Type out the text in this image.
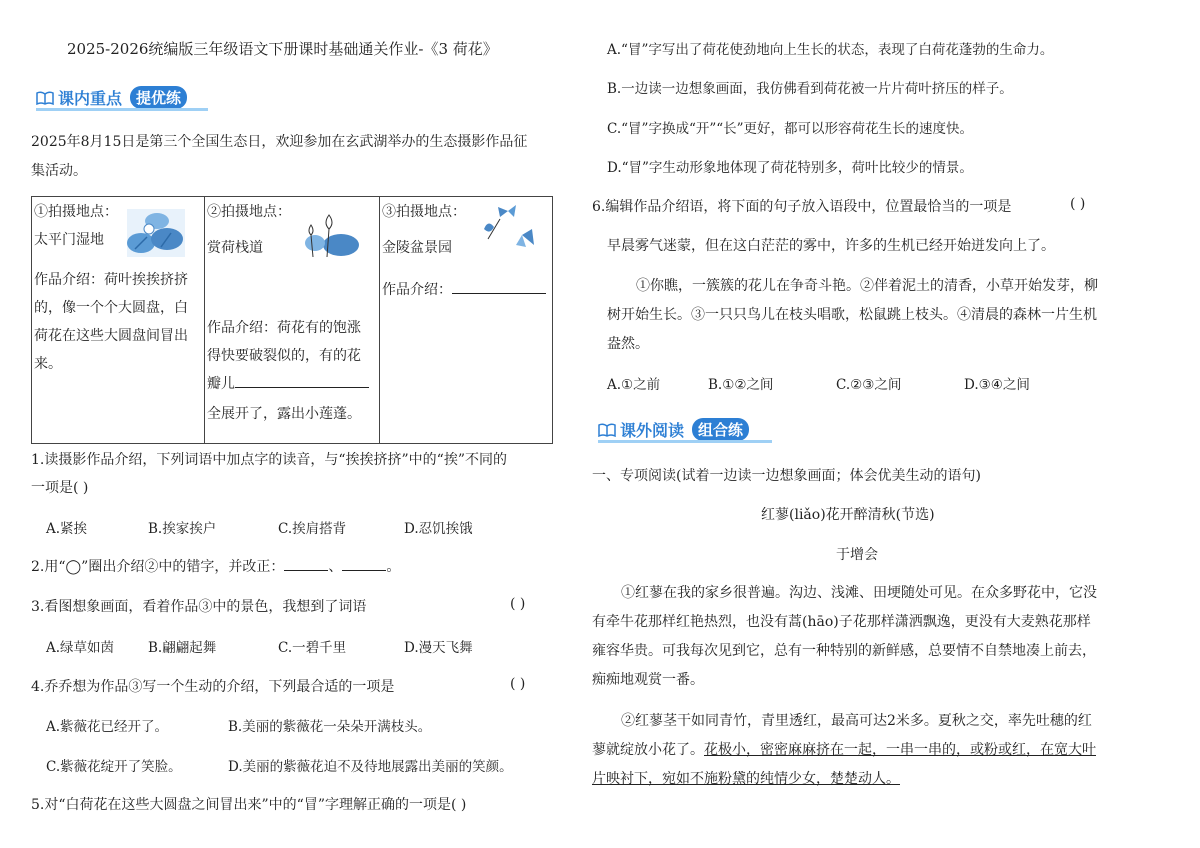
2025-2026统编版三年级语文下册课时基础通关作业-《3 荷花》
课内重点 提优练
2025年8月15日是第三个全国生态日，欢迎参加在玄武湖举办的生态摄影作品征
集活动。
①拍摄地点：
太平门湿地
作品介绍：荷叶挨挨挤挤
的，像一个个大圆盘，白
荷花在这些大圆盘间冒出
来。

②拍摄地点：
赏荷栈道
作品介绍：荷花有的饱涨
得快要破裂似的，有的花
瓣儿
全展开了，露出小莲蓬。

③拍摄地点：
金陵盆景园
作品介绍：
1.读摄影作品介绍，下列词语中加点字的读音，与“挨挨挤挤”中的“挨”不同的
一项是( )
A.紧挨	B.挨家挨户	C.挨肩搭背	D.忍饥挨饿
2.用“◯”圈出介绍②中的错字，并改正：	、	。
3.看图想象画面，看着作品③中的景色，我想到了词语	( )
A.绿草如茵	B.翩翩起舞	C.一碧千里	D.漫天飞舞
4.乔乔想为作品③写一个生动的介绍，下列最合适的一项是	( )
A.紫薇花已经开了。	B.美丽的紫薇花一朵朵开满枝头。
C.紫薇花绽开了笑脸。	D.美丽的紫薇花迫不及待地展露出美丽的笑颜。
5.对“白荷花在这些大圆盘之间冒出来”中的“冒”字理解正确的一项是( )
A.“冒”字写出了荷花使劲地向上生长的状态，表现了白荷花蓬勃的生命力。
B.一边读一边想象画面，我仿佛看到荷花被一片片荷叶挤压的样子。
C.“冒”字换成“开”“长”更好，都可以形容荷花生长的速度快。
D.“冒”字生动形象地体现了荷花特别多，荷叶比较少的情景。
6.编辑作品介绍语，将下面的句子放入语段中，位置最恰当的一项是	( )
早晨雾气迷蒙，但在这白茫茫的雾中，许多的生机已经开始迸发向上了。
①你瞧，一簇簇的花儿在争奇斗艳。②伴着泥土的清香，小草开始发芽，柳
树开始生长。③一只只鸟儿在枝头唱歌，松鼠跳上枝头。④清晨的森林一片生机
盎然。
A.①之前	B.①②之间	C.②③之间	D.③④之间
课外阅读 组合练
一、专项阅读(试着一边读一边想象画面；体会优美生动的语句)
红蓼(liǎo)花开醉清秋(节选)
于增会
①红蓼在我的家乡很普遍。沟边、浅滩、田埂随处可见。在众多野花中，它没
有牵牛花那样红艳热烈，也没有蒿(hāo)子花那样潇洒飘逸，更没有大麦熟花那样
雍容华贵。可我每次见到它，总有一种特别的新鲜感，总要情不自禁地凑上前去，
痴痴地观赏一番。
②红蓼茎干如同青竹，青里透红，最高可达2米多。夏秋之交，率先吐穗的红
蓼就绽放小花了。花极小，密密麻麻挤在一起，一串一串的，或粉或红，在宽大叶
片映衬下，宛如不施粉黛的纯情少女，楚楚动人。
